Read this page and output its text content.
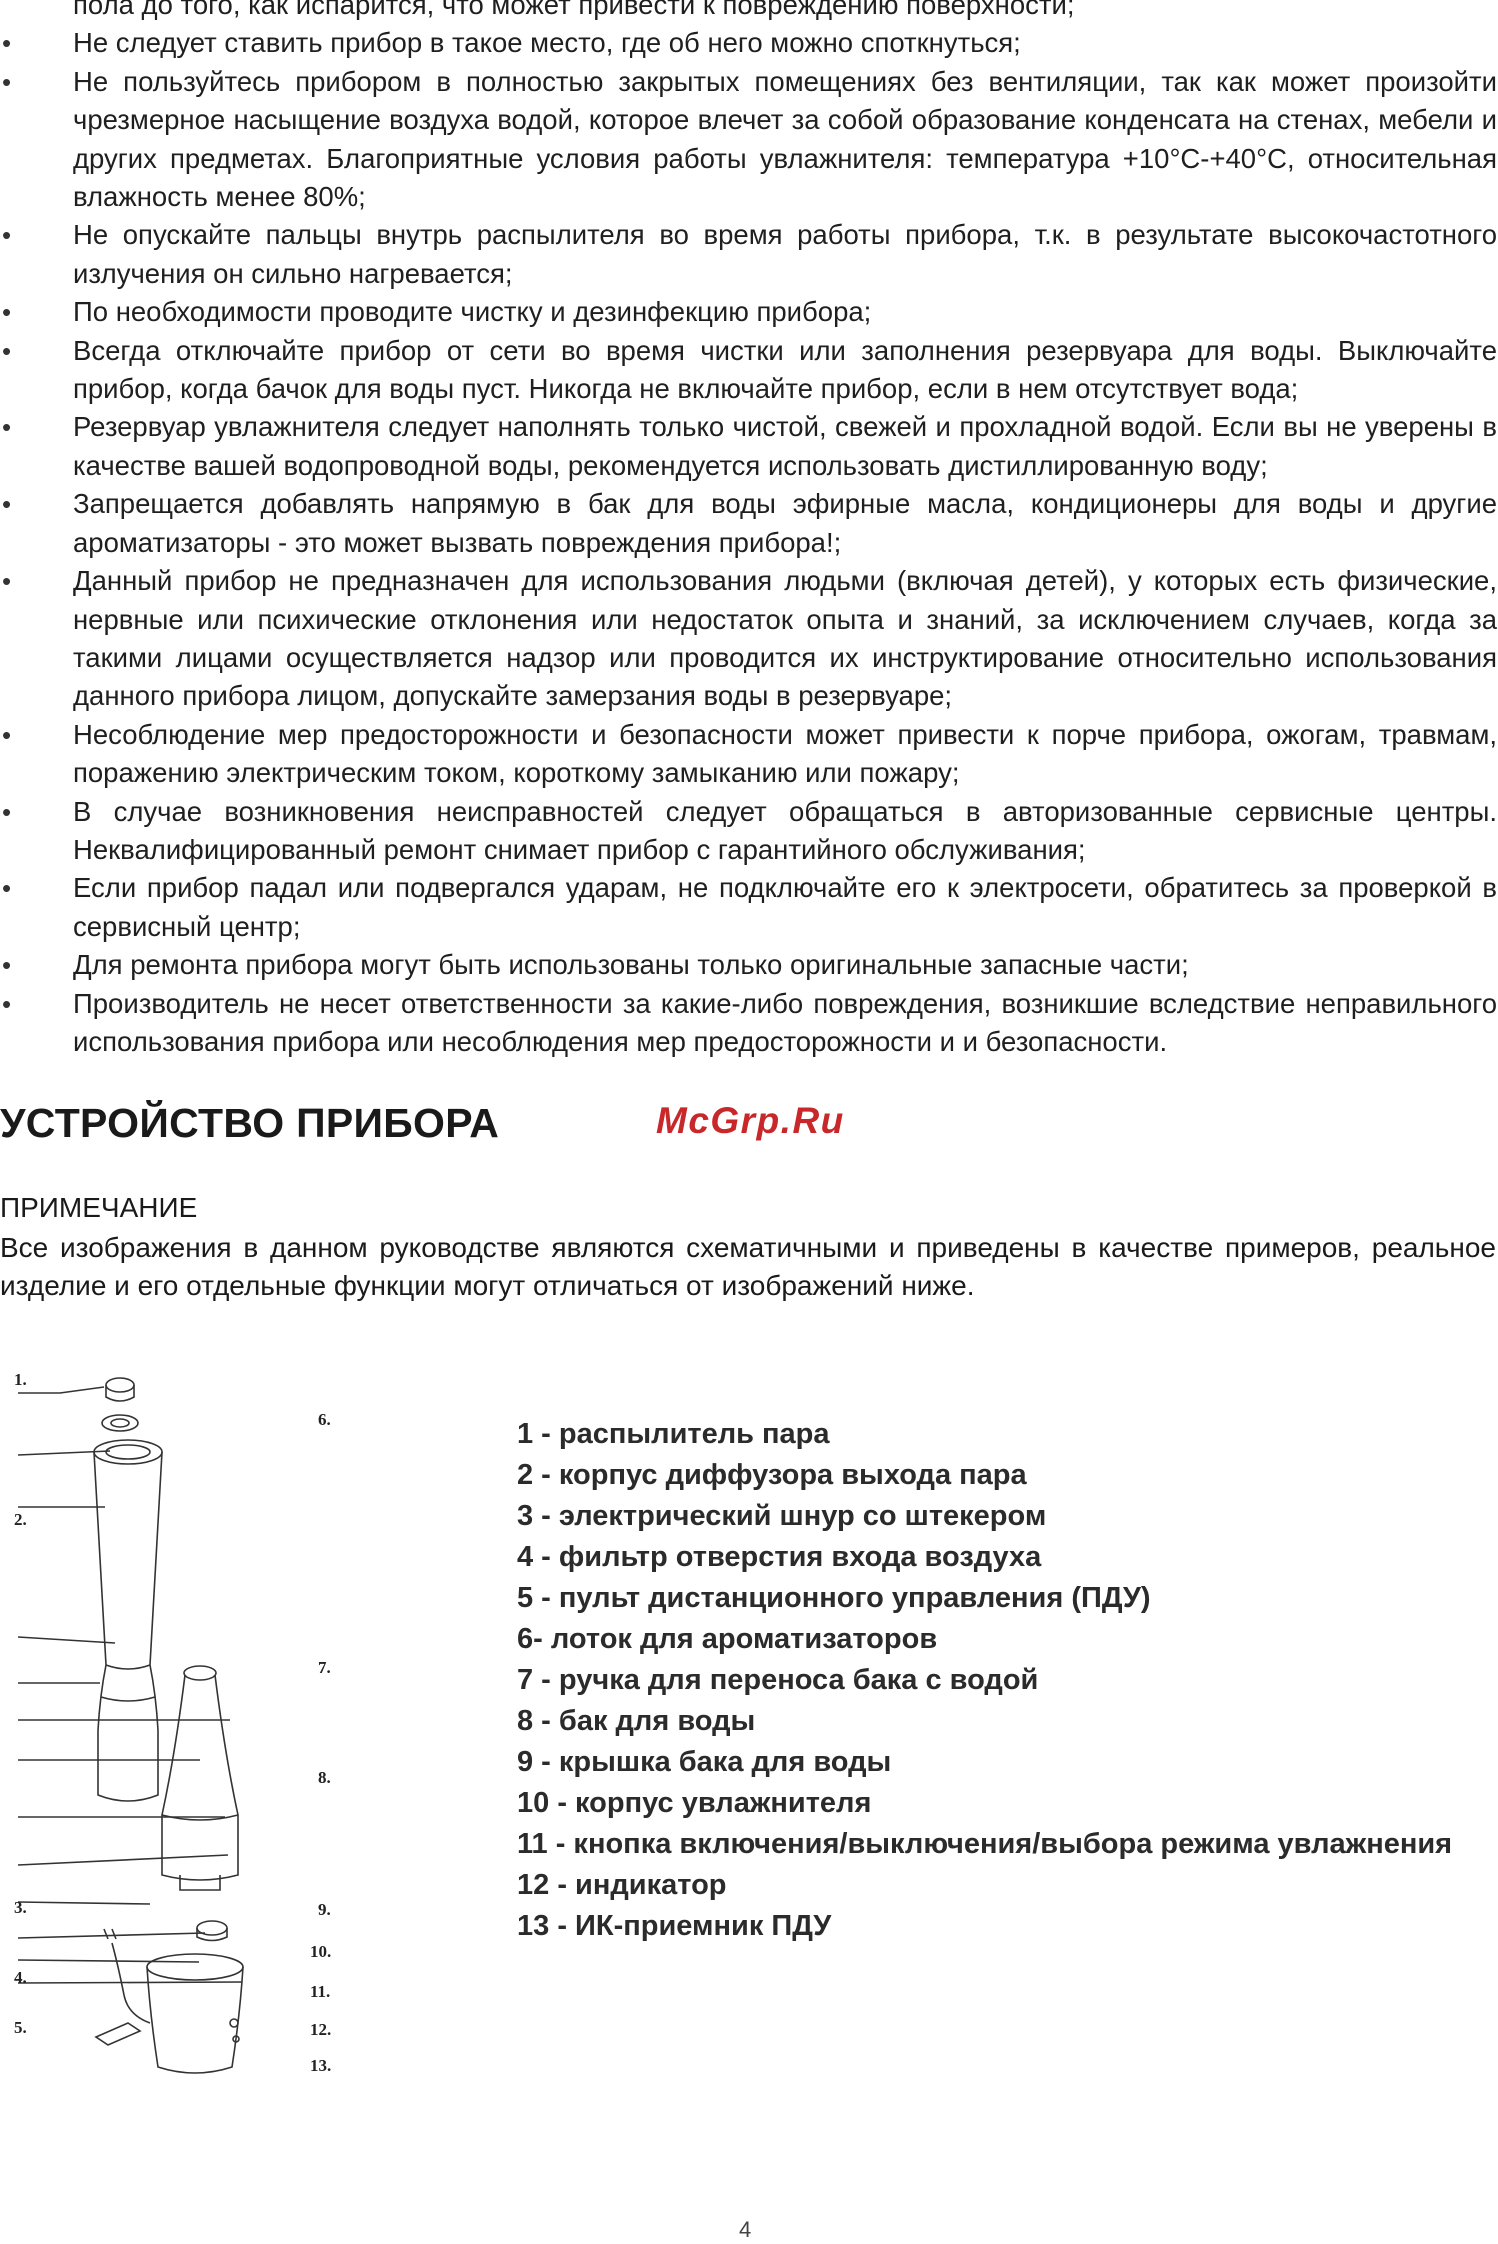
пола до того, как испарится, что может привести к повреждению поверхности;
• Не следует ставить прибор в такое место, где об него можно споткнуться;
• Не пользуйтесь прибором в полностью закрытых помещениях без вентиляции, так как может произойти чрезмерное насыщение воздуха водой, которое влечет за собой образование конденсата на стенах, мебели и других предметах. Благоприятные условия работы увлажнителя: температура +10°С-+40°С, относительная влажность менее 80%;
• Не опускайте пальцы внутрь распылителя во время работы прибора, т.к. в результате высокочастотного излучения он сильно нагревается;
• По необходимости проводите чистку и дезинфекцию прибора;
• Всегда отключайте прибор от сети во время чистки или заполнения резервуара для воды. Выключайте прибор, когда бачок для воды пуст. Никогда не включайте прибор, если в нем отсутствует вода;
• Резервуар увлажнителя следует наполнять только чистой, свежей и прохладной водой. Если вы не уверены в качестве вашей водопроводной воды, рекомендуется использовать дистиллированную воду;
• Запрещается добавлять напрямую в бак для воды эфирные масла, кондиционеры для воды и другие ароматизаторы - это может вызвать повреждения прибора!;
• Данный прибор не предназначен для использования людьми (включая детей), у которых есть физические, нервные или психические отклонения или недостаток опыта и знаний, за исключением случаев, когда за такими лицами осуществляется надзор или проводится их инструктирование относительно использования данного прибора лицом, допускайте замерзания воды в резервуаре;
• Несоблюдение мер предосторожности и безопасности может привести к порче прибора, ожогам, травмам, поражению электрическим током, короткому замыканию или пожару;
• В случае возникновения неисправностей следует обращаться в авторизованные сервисные центры. Неквалифицированный ремонт снимает прибор с гарантийного обслуживания;
• Если прибор падал или подвергался ударам, не подключайте его к электросети, обратитесь за проверкой в сервисный центр;
• Для ремонта прибора могут быть использованы только оригинальные запасные части;
• Производитель не несет ответственности за какие-либо повреждения, возникшие вследствие неправильного использования прибора или несоблюдения мер предосторожности и и безопасности.
УСТРОЙСТВО ПРИБОРА	McGrp.Ru
ПРИМЕЧАНИЕ
Все изображения в данном руководстве являются схематичными и приведены в качестве примеров, реальное изделие и его отдельные функции могут отличаться от изображений ниже.
1.
6.
2.
7.
8.
3.	9.
10.
4.
11.
5.	12.
13.
1 - распылитель пара
2 - корпус диффузора выхода пара
3 - электрический шнур со штекером
4 - фильтр отверстия входа воздуха
5 - пульт дистанционного управления (ПДУ)
6- лоток для ароматизаторов
7 - ручка для переноса бака с водой
8 - бак для воды
9 - крышка бака для воды
10 - корпус увлажнителя
11 - кнопка включения/выключения/выбора режима увлажнения
12 - индикатор
13 - ИК-приемник ПДУ
4
